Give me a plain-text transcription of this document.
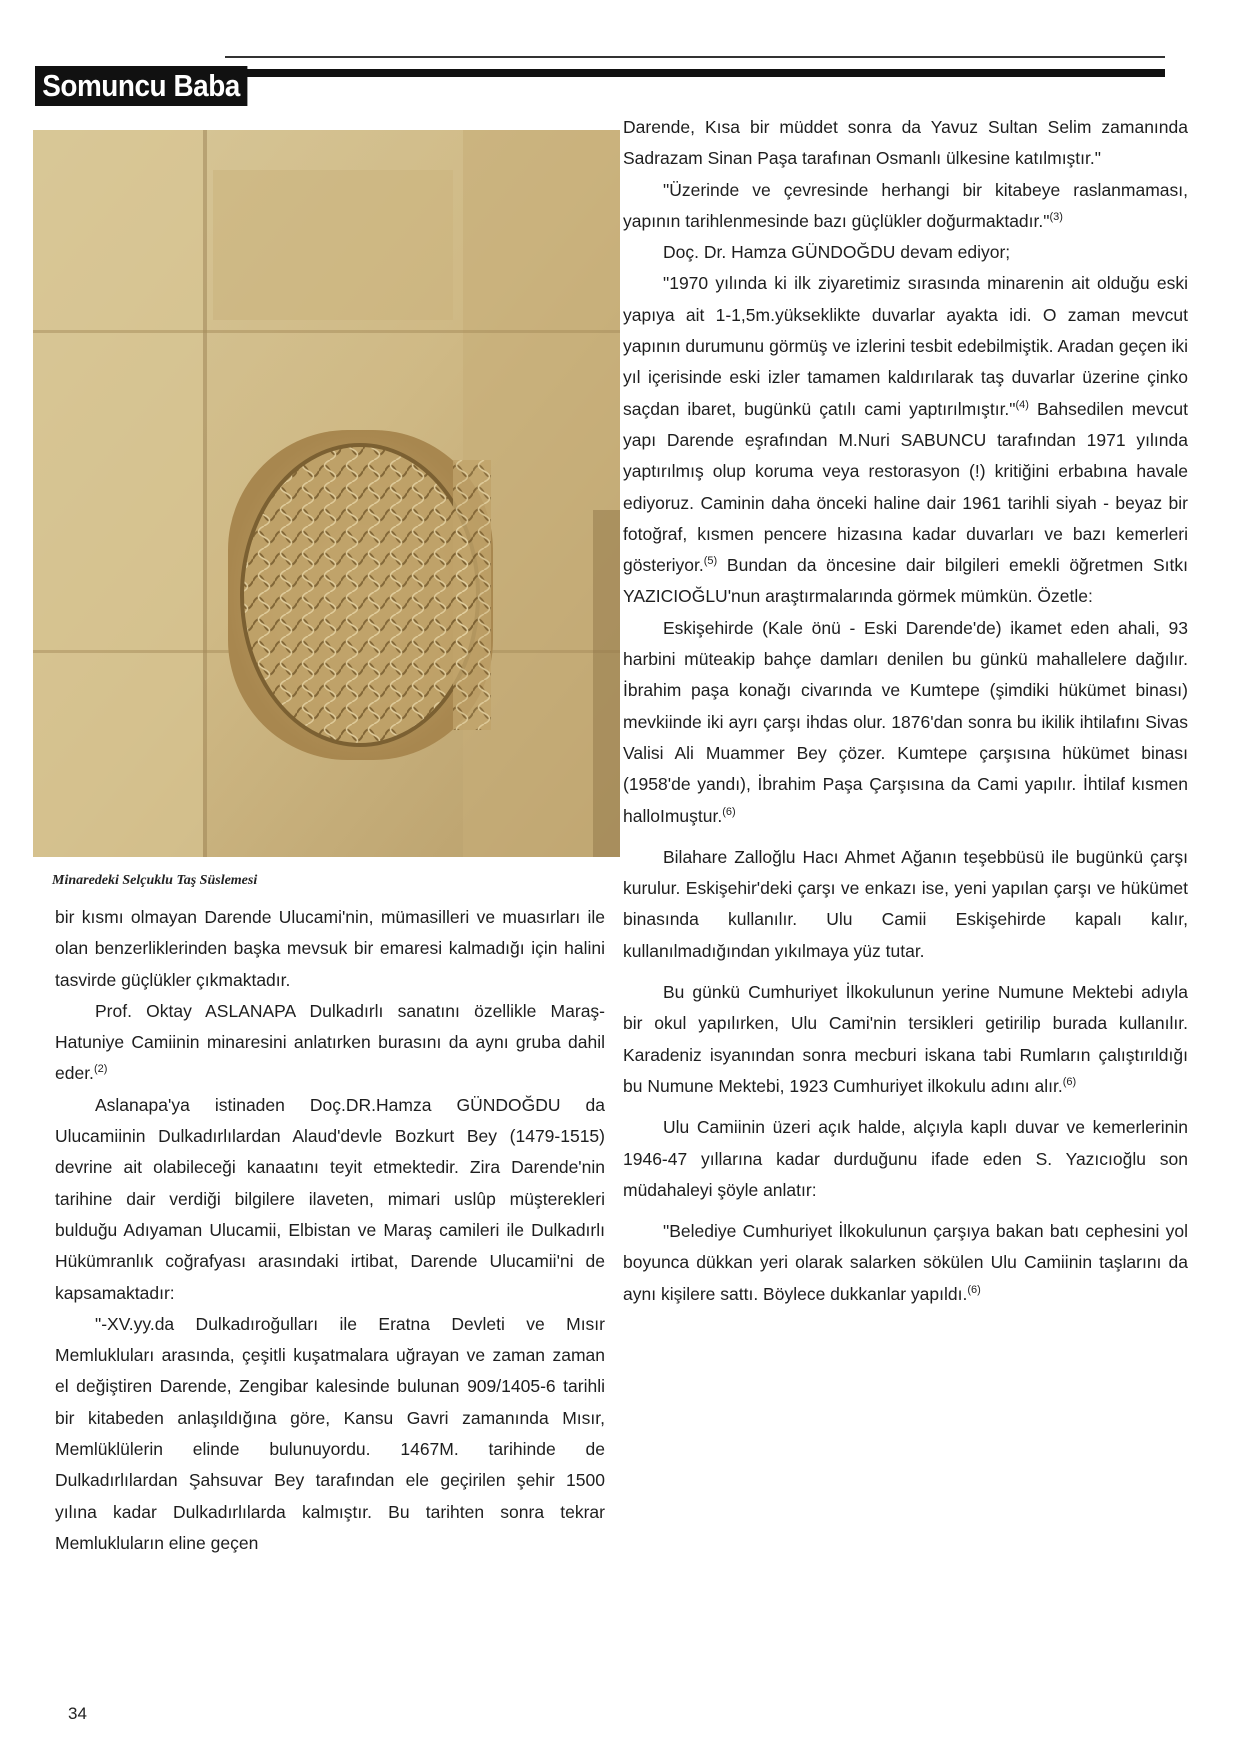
Somuncu Baba
Minaredeki Selçuklu Taş Süslemesi

bir kısmı olmayan Darende Ulucami'nin, mümasilleri ve muasırları ile olan benzerliklerinden başka mevsuk bir emaresi kalmadığı için halini tasvirde güçlükler çıkmaktadır.

Prof. Oktay ASLANAPA Dulkadırlı sanatını özellikle Maraş-Hatuniye Camiinin minaresini anlatırken burasını da aynı gruba dahil eder.$^{(2)}$

Aslanapa'ya istinaden Doç.DR.Hamza GÜNDOĞDU da Ulucamiinin Dulkadırlılardan Alaud'devle Bozkurt Bey (1479-1515) devrine ait olabileceği kanaatını teyit etmektedir. Zira Darende'nin tarihine dair verdiği bilgilere ilaveten, mimari uslûp müşterekleri bulduğu Adıyaman Ulucamii, Elbistan ve Maraş camileri ile Dulkadırlı Hükümranlık coğrafyası arasındaki irtibat, Darende Ulucamii'ni de kapsamaktadır:

"-XV.yy.da Dulkadıroğulları ile Eratna Devleti ve Mısır Memlukluları arasında, çeşitli kuşatmalara uğrayan ve zaman zaman el değiştiren Darende, Zengibar kalesinde bulunan 909/1405-6 tarihli bir kitabeden anlaşıldığına göre, Kansu Gavri zamanında Mısır, Memlüklülerin elinde bulunuyordu. 1467M. tarihinde de Dulkadırlılardan Şahsuvar Bey tarafından ele geçirilen şehir 1500 yılına kadar Dulkadırlılarda kalmıştır. Bu tarihten sonra tekrar Memlukluların eline geçen

Darende, Kısa bir müddet sonra da Yavuz Sultan Selim zamanında Sadrazam Sinan Paşa tarafınan Osmanlı ülkesine katılmıştır."

"Üzerinde ve çevresinde herhangi bir kitabeye raslanmaması, yapının tarihlenmesinde bazı güçlükler doğurmaktadır."$^{(3)}$

Doç. Dr. Hamza GÜNDOĞDU devam ediyor;

"1970 yılında ki ilk ziyaretimiz sırasında minarenin ait olduğu eski yapıya ait 1-1,5m.yükseklikte duvarlar ayakta idi. O zaman mevcut yapının durumunu görmüş ve izlerini tesbit edebilmiştik. Aradan geçen iki yıl içerisinde eski izler tamamen kaldırılarak taş duvarlar üzerine çinko saçdan ibaret, bugünkü çatılı cami yaptırılmıştır."$^{(4)}$ Bahsedilen mevcut yapı Darende eşrafından M.Nuri SABUNCU tarafından 1971 yılında yaptırılmış olup koruma veya restorasyon (!) kritiğini erbabına havale ediyoruz. Caminin daha önceki haline dair 1961 tarihli siyah - beyaz bir fotoğraf, kısmen pencere hizasına kadar duvarları ve bazı kemerleri gösteriyor.$^{(5)}$ Bundan da öncesine dair bilgileri emekli öğretmen Sıtkı YAZICIOĞLU'nun araştırmalarında görmek mümkün. Özetle:

Eskişehirde (Kale önü - Eski Darende'de) ikamet eden ahali, 93 harbini müteakip bahçe damları denilen bu günkü mahallelere dağılır. İbrahim paşa konağı civarında ve Kumtepe (şimdiki hükümet binası) mevkiinde iki ayrı çarşı ihdas olur. 1876'dan sonra bu ikilik ihtilafını Sivas Valisi Ali Muammer Bey çözer. Kumtepe çarşısına hükümet binası (1958'de yandı), İbrahim Paşa Çarşısına da Cami yapılır. İhtilaf kısmen halloImuştur.$^{(6)}$

Bilahare Zalloğlu Hacı Ahmet Ağanın teşebbüsü ile bugünkü çarşı kurulur. Eskişehir'deki çarşı ve enkazı ise, yeni yapılan çarşı ve hükümet binasında kullanılır. Ulu Camii Eskişehirde kapalı kalır, kullanılmadığından yıkılmaya yüz tutar.

Bu günkü Cumhuriyet İlkokulunun yerine Numune Mektebi adıyla bir okul yapılırken, Ulu Cami'nin tersikleri getirilip burada kullanılır. Karadeniz isyanından sonra mecburi iskana tabi Rumların çalıştırıldığı bu Numune Mektebi, 1923 Cumhuriyet ilkokulu adını alır.$^{(6)}$

Ulu Camiinin üzeri açık halde, alçıyla kaplı duvar ve kemerlerinin 1946-47 yıllarına kadar durduğunu ifade eden S. Yazıcıoğlu son müdahaleyi şöyle anlatır:

"Belediye Cumhuriyet İlkokulunun çarşıya bakan batı cephesini yol boyunca dükkan yeri olarak salarken sökülen Ulu Camiinin taşlarını da aynı kişilere sattı. Böylece dukkanlar yapıldı.$^{(6)}$

34
